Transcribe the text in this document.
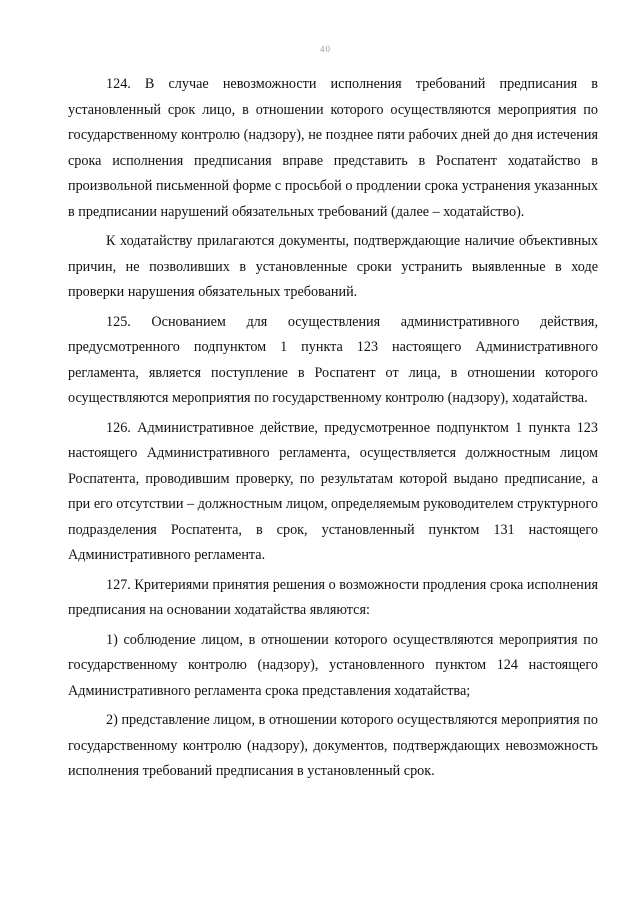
40

124. В случае невозможности исполнения требований предписания в установленный срок лицо, в отношении которого осуществляются мероприятия по государственному контролю (надзору), не позднее пяти рабочих дней до дня истечения срока исполнения предписания вправе представить в Роспатент ходатайство в произвольной письменной форме с просьбой о продлении срока устранения указанных в предписании нарушений обязательных требований (далее – ходатайство).

К ходатайству прилагаются документы, подтверждающие наличие объективных причин, не позволивших в установленные сроки устранить выявленные в ходе проверки нарушения обязательных требований.

125. Основанием для осуществления административного действия, предусмотренного подпунктом 1 пункта 123 настоящего Административного регламента, является поступление в Роспатент от лица, в отношении которого осуществляются мероприятия по государственному контролю (надзору), ходатайства.

126. Административное действие, предусмотренное подпунктом 1 пункта 123 настоящего Административного регламента, осуществляется должностным лицом Роспатента, проводившим проверку, по результатам которой выдано предписание, а при его отсутствии – должностным лицом, определяемым руководителем структурного подразделения Роспатента, в срок, установленный пунктом 131 настоящего Административного регламента.

127. Критериями принятия решения о возможности продления срока исполнения предписания на основании ходатайства являются:

1) соблюдение лицом, в отношении которого осуществляются мероприятия по государственному контролю (надзору), установленного пунктом 124 настоящего Административного регламента срока представления ходатайства;

2) представление лицом, в отношении которого осуществляются мероприятия по государственному контролю (надзору), документов, подтверждающих невозможность исполнения требований предписания в установленный срок.
